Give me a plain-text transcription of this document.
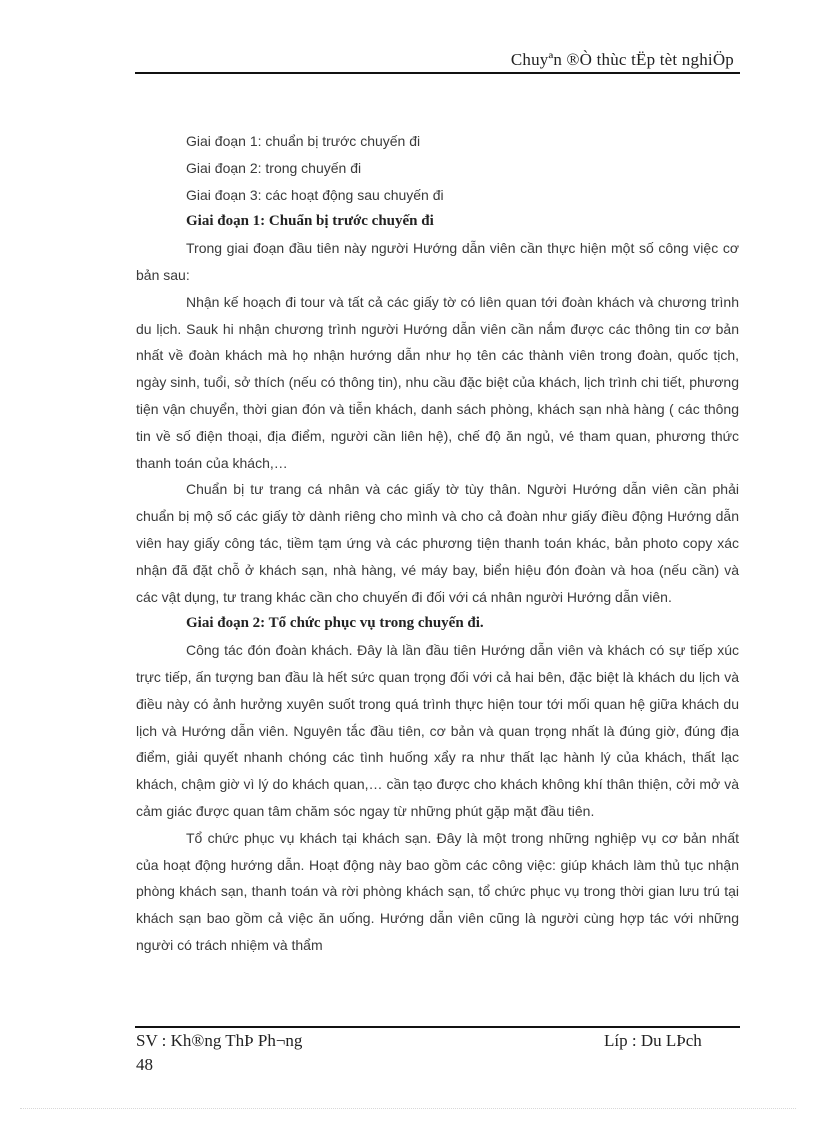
Chuyªn ®Ò thùc tËp tèt nghiÖp

Giai đoạn 1: chuẩn bị trước chuyến đi

Giai đoạn 2: trong chuyến đi

Giai đoạn 3: các hoạt động sau chuyến đi

Giai đoạn 1: Chuẩn bị trước chuyến đi

Trong giai đoạn đầu tiên này người Hướng dẫn viên cần thực hiện một số công việc cơ bản sau:

Nhận kế hoạch đi tour và tất cả các giấy tờ có liên quan tới đoàn khách và chương trình du lịch. Sauk hi nhận chương trình người Hướng dẫn viên cần nắm được các thông tin cơ bản nhất về đoàn khách mà họ nhận hướng dẫn như họ tên các thành viên trong đoàn, quốc tịch, ngày sinh, tuổi, sở thích (nếu có thông tin), nhu cầu đặc biệt của khách, lịch trình chi tiết, phương tiện vận chuyển, thời gian đón và tiễn khách, danh sách phòng, khách sạn nhà hàng ( các thông tin về số điện thoại, địa điểm, người cần liên hệ), chế độ ăn ngủ, vé tham quan, phương thức thanh toán của khách,…

Chuẩn bị tư trang cá nhân và các giấy tờ tùy thân. Người Hướng dẫn viên cần phải chuẩn bị mộ số các giấy tờ dành riêng cho mình và cho cả đoàn như giấy điều động Hướng dẫn viên hay giấy công tác, tiềm tạm ứng và các phương tiện thanh toán khác, bản photo copy xác nhận đã đặt chỗ ở khách sạn, nhà hàng, vé máy bay, biển hiệu đón đoàn và hoa (nếu cần) và các vật dụng, tư trang khác cần cho chuyến đi đối với cá nhân người Hướng dẫn viên.

Giai đoạn 2: Tổ chức phục vụ trong chuyến đi.

Công tác đón đoàn khách. Đây là lần đầu tiên Hướng dẫn viên và khách có sự tiếp xúc trực tiếp, ấn tượng ban đầu là hết sức quan trọng đối với cả hai bên, đặc biệt là khách du lịch và điều này có ảnh hưởng xuyên suốt trong quá trình thực hiện tour tới mối quan hệ giữa khách du lịch và Hướng dẫn viên. Nguyên tắc đầu tiên, cơ bản và quan trọng nhất là đúng giờ, đúng địa điểm, giải quyết nhanh chóng các tình huống xẩy ra như thất lạc hành lý của khách, thất lạc khách, chậm giờ vì lý do khách quan,… cần tạo được cho khách không khí thân thiện, cởi mở và cảm giác được quan tâm chăm sóc ngay từ những phút gặp mặt đầu tiên.

Tổ chức phục vụ khách tại khách sạn. Đây là một trong những nghiệp vụ cơ bản nhất của hoạt động hướng dẫn. Hoạt động này bao gồm các công việc: giúp khách làm thủ tục nhận phòng khách sạn, thanh toán và rời phòng khách sạn, tổ chức phục vụ trong thời gian lưu trú tại khách sạn bao gồm cả việc ăn uống. Hướng dẫn viên cũng là người cùng hợp tác với những người có trách nhiệm và thẩm

SV : Kh®ng ThÞ Ph¬ng	Líp : Du LÞch
48
